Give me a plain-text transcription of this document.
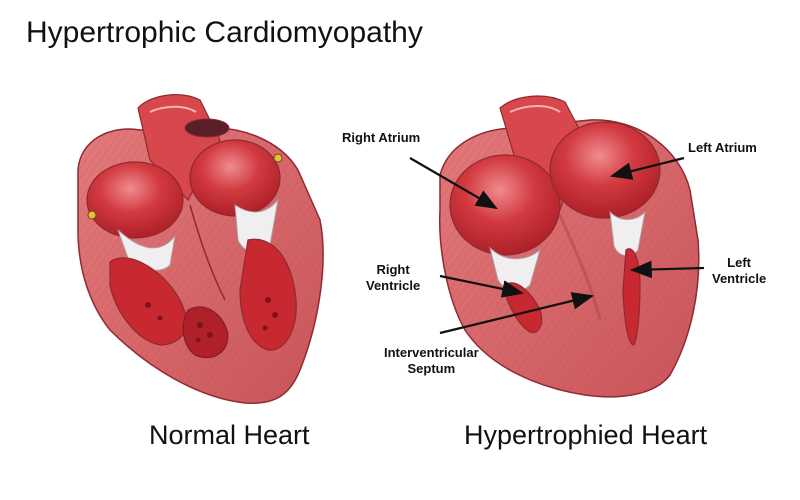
Hypertrophic Cardiomyopathy
Right Atrium
Left Atrium
Right
Ventricle
Left
Ventricle
Interventricular
Septum
Normal Heart	Hypertrophied Heart
